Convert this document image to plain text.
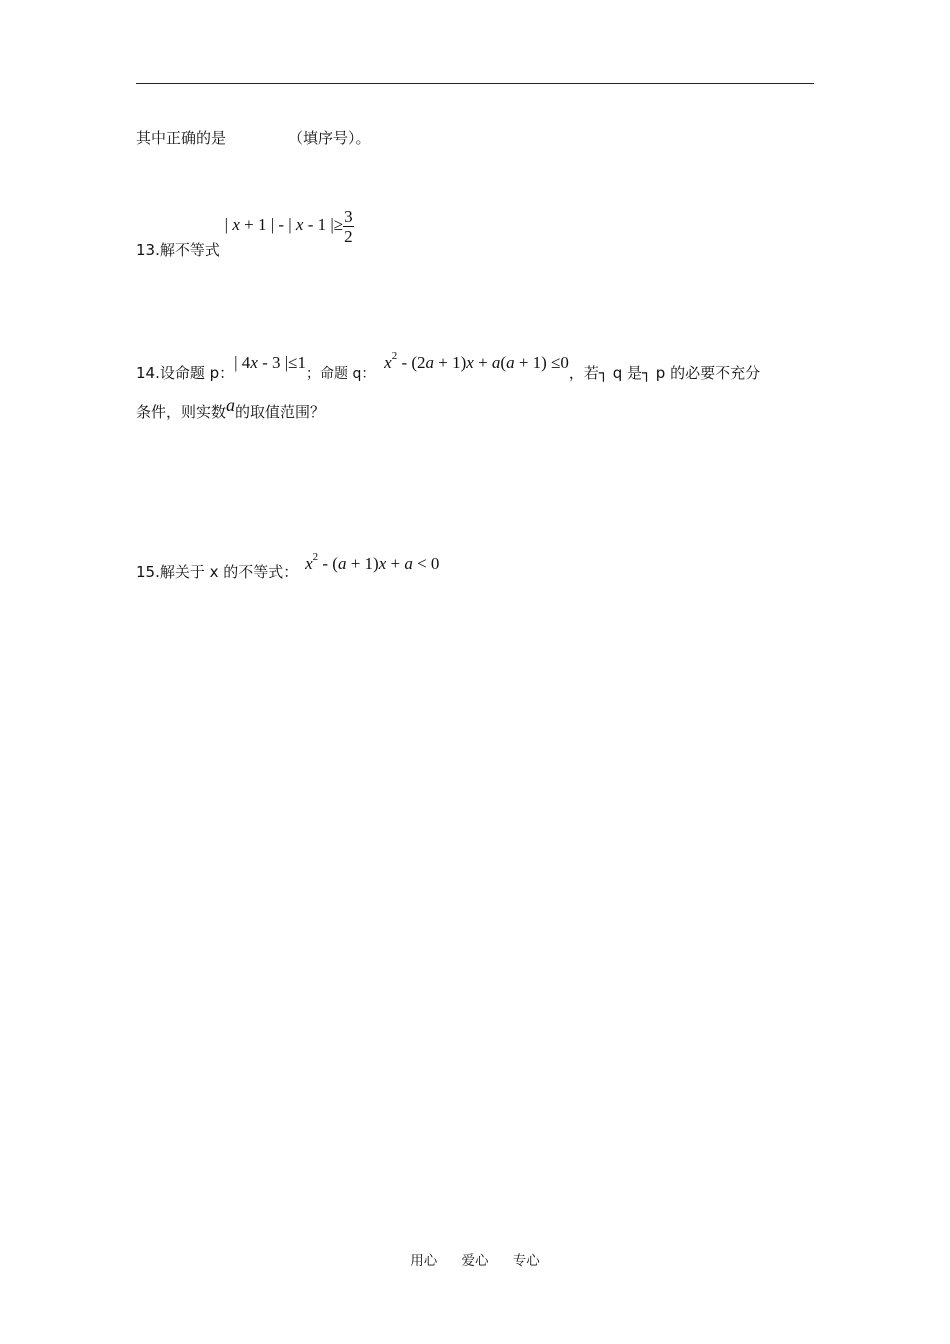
其中正确的是	（填序号）。
13.解不等式 | x + 1 | - | x - 1 |≥ $\frac{3}{2}$
14.设命题 p：| 4x - 3 |≤1；命题 q： $x^2 - (2a + 1)x + a(a + 1) \le 0$，若┐ q 是┐ p 的必要不充分
条件，则实数a的取值范围？
15.解关于 x 的不等式： $x^2 - (a + 1)x + a < 0$
用心 爱心 专心
